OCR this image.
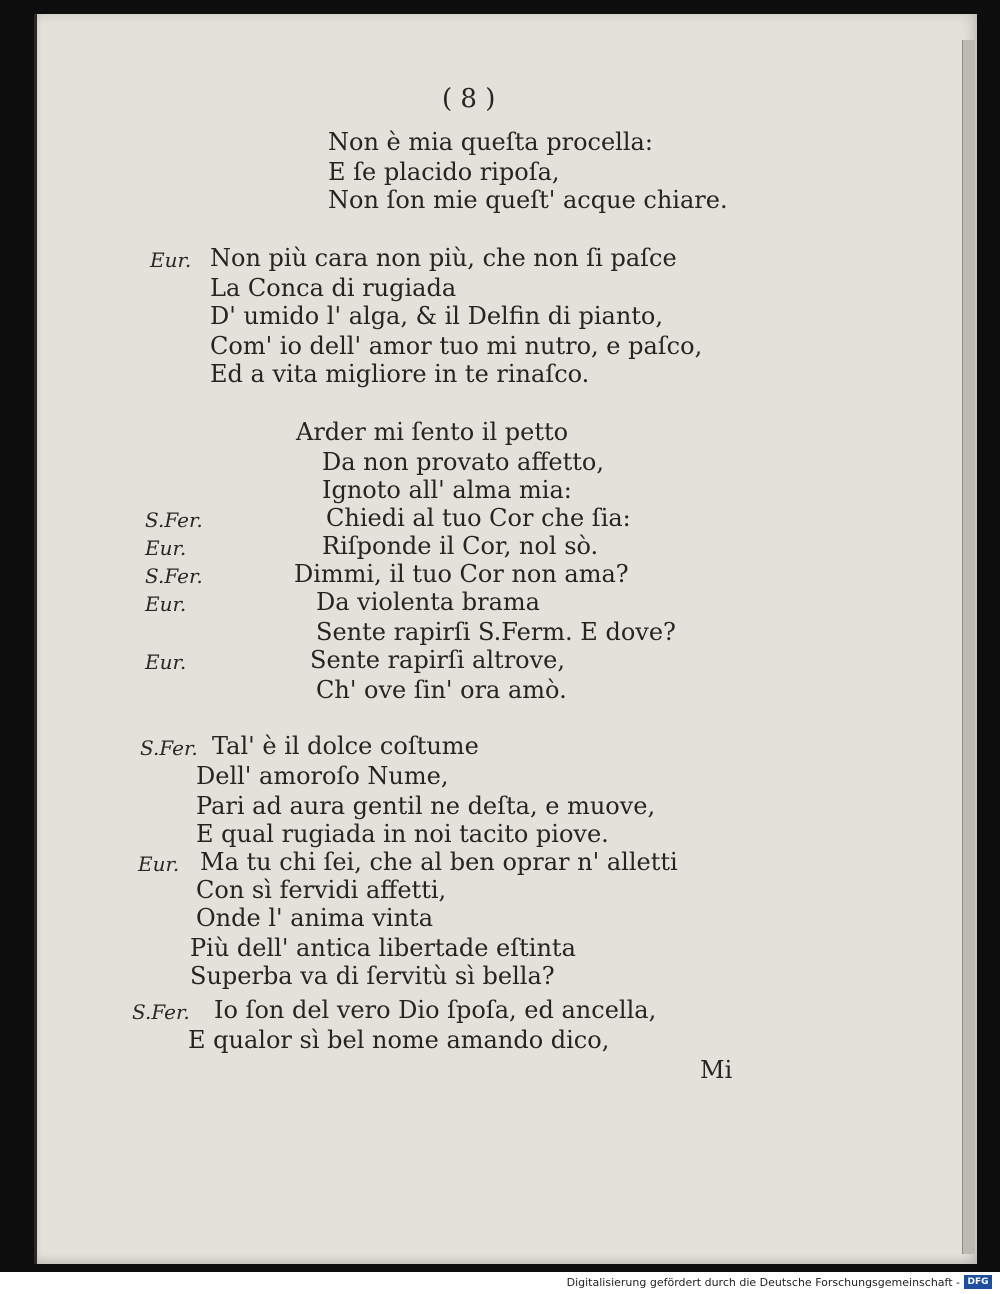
( 8 )
Non è mia queſta procella:
E ſe placido ripoſa,
Non ſon mie queſt' acque chiare.
Eur. Non più cara non più, che non ſi paſce
La Conca di rugiada
D' umido l' alga, & il Delfin di pianto,
Com' io dell' amor tuo mi nutro, e paſco,
Ed a vita migliore in te rinaſco.
Arder mi ſento il petto
Da non provato affetto,
Ignoto all' alma mia:
S.Fer.	Chiedi al tuo Cor che ſia:
Eur.	Riſponde il Cor, nol sò.
S.Fer.	Dimmi, il tuo Cor non ama?
Eur.	Da violenta brama
Sente rapirſi S.Ferm. E dove?
Eur.	Sente rapirſi altrove,
Ch' ove ſin' ora amò.
S.Fer. Tal' è il dolce coſtume
Dell' amoroſo Nume,
Pari ad aura gentil ne deſta, e muove,
E qual rugiada in noi tacito piove.
Eur. Ma tu chi ſei, che al ben oprar n' alletti
Con sì fervidi affetti,
Onde l' anima vinta
Più dell' antica libertade eſtinta
Superba va di ſervitù sì bella?
S.Fer. Io ſon del vero Dio ſpoſa, ed ancella,
E qualor sì bel nome amando dico,
Mi
Digitalisierung gefördert durch die Deutsche Forschungsgemeinschaft - DFG
